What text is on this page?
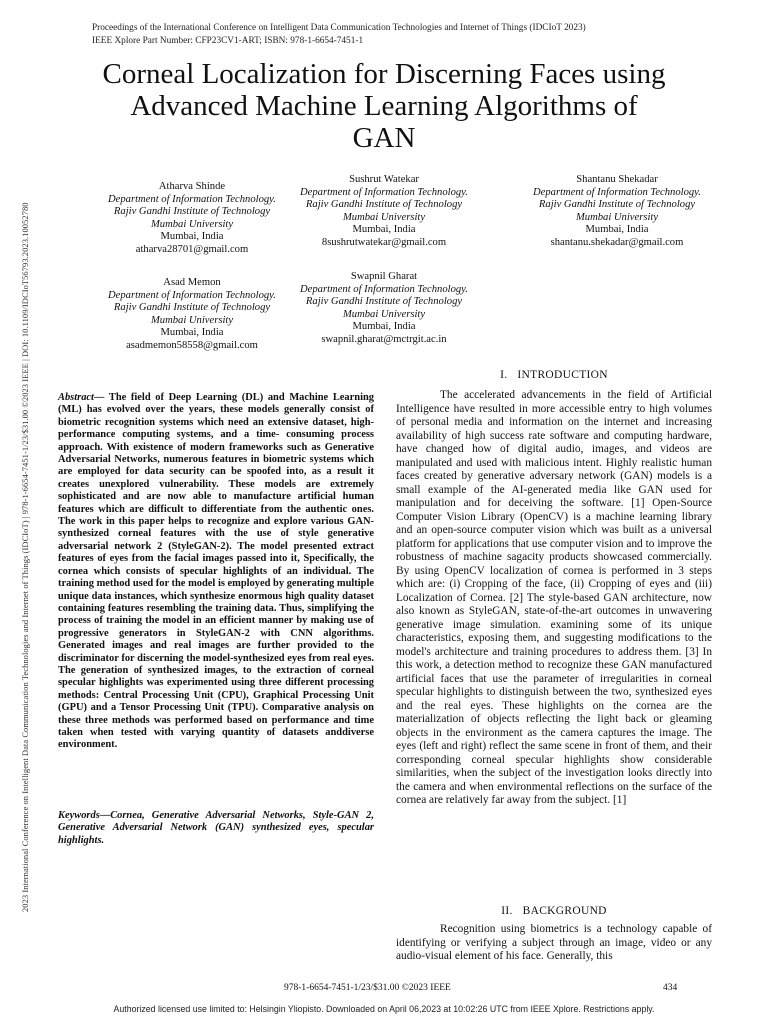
Proceedings of the International Conference on Intelligent Data Communication Technologies and Internet of Things (IDCIoT 2023)
IEEE Xplore Part Number: CFP23CV1-ART; ISBN: 978-1-6654-7451-1
2023 International Conference on Intelligent Data Communication Technologies and Internet of Things (IDCIoT) | 978-1-6654-7451-1/23/$31.00 ©2023 IEEE | DOI: 10.1109/IDCIoT56793.2023.10052780
Corneal Localization for Discerning Faces using
Advanced Machine Learning Algorithms of
GAN
Atharva Shinde
Department of Information Technology.
Rajiv Gandhi Institute of Technology
Mumbai University
Mumbai, India
atharva28701@gmail.com
Sushrut Watekar
Department of Information Technology.
Rajiv Gandhi Institute of Technology
Mumbai University
Mumbai, India
8sushrutwatekar@gmail.com
Shantanu Shekadar
Department of Information Technology.
Rajiv Gandhi Institute of Technology
Mumbai University
Mumbai, India
shantanu.shekadar@gmail.com
Asad Memon
Department of Information Technology.
Rajiv Gandhi Institute of Technology
Mumbai University
Mumbai, India
asadmemon58558@gmail.com
Swapnil Gharat
Department of Information Technology.
Rajiv Gandhi Institute of Technology
Mumbai University
Mumbai, India
swapnil.gharat@mctrgit.ac.in
Abstract— The field of Deep Learning (DL) and Machine Learning (ML) has evolved over the years, these models generally consist of biometric recognition systems which need an extensive dataset, high-performance computing systems, and a time- consuming process approach. With existence of modern frameworks such as Generative Adversarial Networks, numerous features in biometric systems which are employed for data security can be spoofed into, as a result it creates unexplored vulnerability. These models are extremely sophisticated and are now able to manufacture artificial human features which are difficult to differentiate from the authentic ones. The work in this paper helps to recognize and explore various GAN-synthesized corneal features with the use of style generative adversarial network 2 (StyleGAN-2). The model presented extract features of eyes from the facial images passed into it, Specifically, the cornea which consists of specular highlights of an individual. The training method used for the model is employed by generating multiple unique data instances, which synthesize enormous high quality dataset containing features resembling the training data. Thus, simplifying the process of training the model in an efficient manner by making use of progressive generators in StyleGAN-2 with CNN algorithms. Generated images and real images are further provided to the discriminator for discerning the model-synthesized eyes from real eyes. The generation of synthesized images, to the extraction of corneal specular highlights was experimented using three different processing methods: Central Processing Unit (CPU), Graphical Processing Unit (GPU) and a Tensor Processing Unit (TPU). Comparative analysis on these three methods was performed based on performance and time taken when tested with varying quantity of datasets anddiverse environment.
Keywords—Cornea, Generative Adversarial Networks, Style-GAN 2, Generative Adversarial Network (GAN) synthesized eyes, specular highlights.
I. INTRODUCTION

The accelerated advancements in the field of Artificial Intelligence have resulted in more accessible entry to high volumes of personal media and information on the internet and increasing availability of high success rate software and computing hardware, have changed how of digital audio, images, and videos are manipulated and used with malicious intent. Highly realistic human faces created by generative adversary network (GAN) models is a small example of the AI-generated media like GAN used for manipulation and for deceiving the software. [1] Open-Source Computer Vision Library (OpenCV) is a machine learning library and an open-source computer vision which was built as a universal platform for applications that use computer vision and to improve the robustness of machine sagacity products showcased commercially. By using OpenCV localization of cornea is performed in 3 steps which are: (i) Cropping of the face, (ii) Cropping of eyes and (iii) Localization of Cornea. [2] The style-based GAN architecture, now also known as StyleGAN, state-of-the-art outcomes in unwavering generative image simulation. examining some of its unique characteristics, exposing them, and suggesting modifications to the model's architecture and training procedures to address them. [3] In this work, a detection method to recognize these GAN manufactured artificial faces that use the parameter of irregularities in corneal specular highlights to distinguish between the two, synthesized eyes and the real eyes. These highlights on the cornea are the materialization of objects reflecting the light back or gleaming objects in the environment as the camera captures the image. The eyes (left and right) reflect the same scene in front of them, and their corresponding corneal specular highlights show considerable similarities, when the subject of the investigation looks directly into the camera and when environmental reflections on the surface of the cornea are relatively far away from the subject. [1]

II. BACKGROUND

Recognition using biometrics is a technology capable of identifying or verifying a subject through an image, video or any audio-visual element of his face. Generally, this

978-1-6654-7451-1/23/$31.00 ©2023 IEEE	434
Authorized licensed use limited to: Helsingin Yliopisto. Downloaded on April 06,2023 at 10:02:26 UTC from IEEE Xplore. Restrictions apply.
